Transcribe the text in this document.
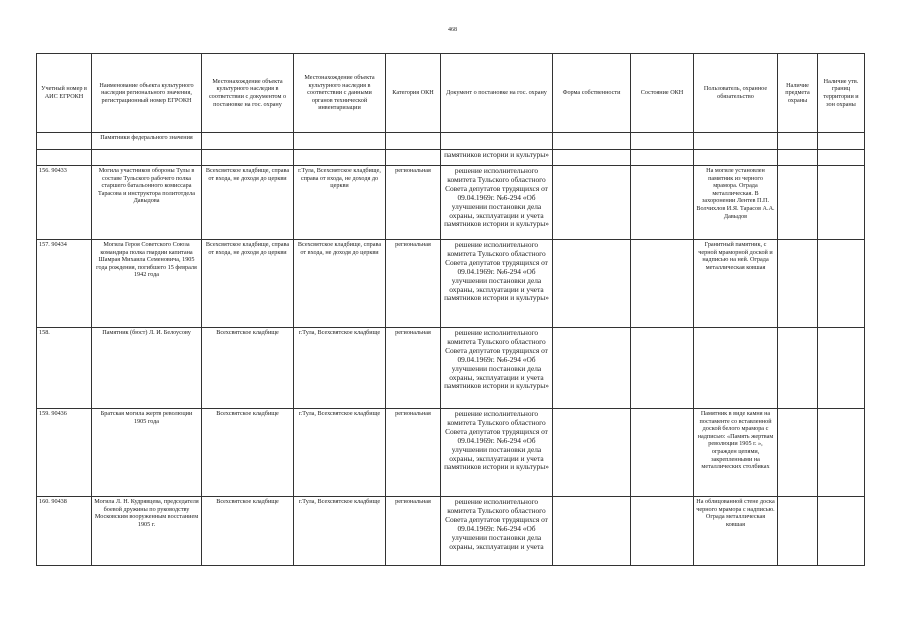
468
Учетный номер в АИС ЕГРОКН	Наименование объекта культурного наследия регионального значения, регистрационный номер ЕГРОКН	Местонахождение объекта культурного наследия в соответствии с документом о постановке на гос. охрану	Местонахождение объекта культурного наследия в соответствии с данными органов технической инвентаризации	Категория ОКН	Документ о постановке на гос. охрану	Форма собственности	Состояние ОКН	Пользователь, охранное обязательство	Наличие предмета охраны	Наличие утв. границ территории и зон охраны
	Памятники федерального значения									
					памятников истории и культуры»					
156. 90433	Могила участников обороны Тулы в составе Тульского рабочего полка старшего батальонного комиссара Тарасова и инструктора политотдела Давыдова	Всехсвятское кладбище, справа от входа, не доходя до церкви	г.Тула, Всехсвятское кладбище, справа от входа, не доходя до церкви	региональная	решение исполнительного комитета Тульского областного Совета депутатов трудящихся от 09.04.1969г. №6-294 «Об улучшении постановки дела охраны, эксплуатации и учета памятников истории и культуры»			На могиле установлен памятник из черного мрамора. Ограда металлическая. В захоронении Лентев П.П. Волчихлов И.Я. Тарасов А.А. Давыдов		
157. 90434	Могила Героя Советского Союза командира полка гвардии капитана Шамрая Михаила Семеновича, 1905 года рождения, погибшего 15 февраля 1942 года	Всехсвятское кладбище, справа от входа, не доходя до церкви	Всехсвятское кладбище, справа от входа, не доходя до церкви	региональная	решение исполнительного комитета Тульского областного Совета депутатов трудящихся от 09.04.1969г. №6-294 «Об улучшении постановки дела охраны, эксплуатации и учета памятников истории и культуры»			Гранитный памятник, с черной мраморной доской и надписью на ней. Ограда металлическая ковшая		
158.	Памятник (бюст) Л. И. Белоусову	Всехсвятское кладбище	г.Тула, Всехсвятское кладбище	региональная	решение исполнительного комитета Тульского областного Совета депутатов трудящихся от 09.04.1969г. №6-294 «Об улучшении постановки дела охраны, эксплуатации и учета памятников истории и культуры»					
159. 90436	Братская могила жертв революции 1905 года	Всехсвятское кладбище	г.Тула, Всехсвятское кладбище	региональная	решение исполнительного комитета Тульского областного Совета депутатов трудящихся от 09.04.1969г. №6-294 «Об улучшении постановки дела охраны, эксплуатации и учета памятников истории и культуры»			Памятник в виде камня на постаменте со вставленной доской белого мрамора с надписью: «Память жертвам революции 1905 г. », огражден цепями, закрепленными на металлических столбиках		
160. 90438	Могила Л. Н. Кудрявцева, председателя боевой дружины по руководству Московским вооруженным восстанием 1905 г.	Всехсвятское кладбище	г.Тула, Всехсвятское кладбище	региональная	решение исполнительного комитета Тульского областного Совета депутатов трудящихся от 09.04.1969г. №6-294 «Об улучшении постановки дела охраны, эксплуатации и учета			На облицованной стене доска черного мрамора с надписью. Ограда металлическая ковшая		
